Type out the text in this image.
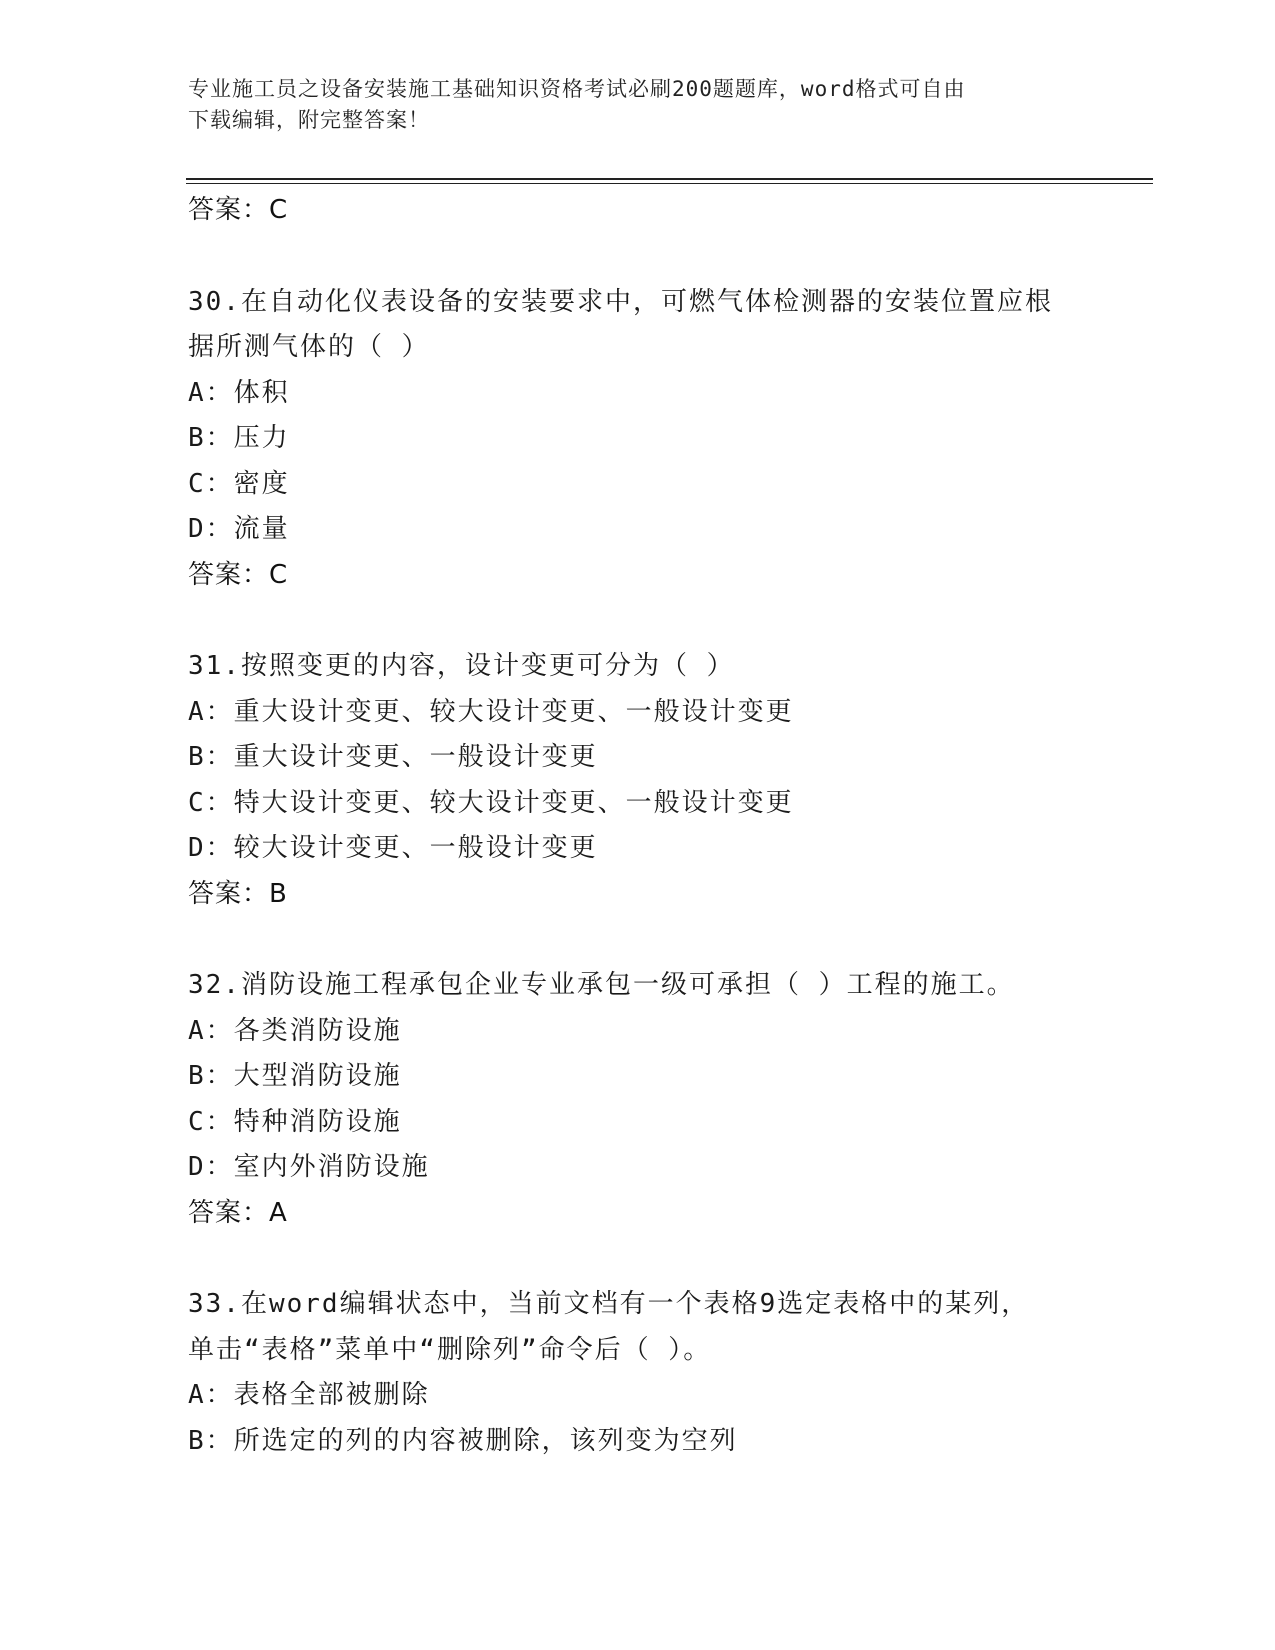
专业施工员之设备安装施工基础知识资格考试必刷200题题库，word格式可自由
下载编辑，附完整答案！
答案：C
30.在自动化仪表设备的安装要求中，可燃气体检测器的安装位置应根
据所测气体的（ ）
A：体积
B：压力
C：密度
D：流量
答案：C
31.按照变更的内容，设计变更可分为（ ）
A：重大设计变更、较大设计变更、一般设计变更
B：重大设计变更、一般设计变更
C：特大设计变更、较大设计变更、一般设计变更
D：较大设计变更、一般设计变更
答案：B
32.消防设施工程承包企业专业承包一级可承担（ ）工程的施工。
A：各类消防设施
B：大型消防设施
C：特种消防设施
D：室内外消防设施
答案：A
33.在word编辑状态中，当前文档有一个表格9选定表格中的某列，
单击“表格”菜单中“删除列”命令后（ ）。
A：表格全部被删除
B：所选定的列的内容被删除，该列变为空列
